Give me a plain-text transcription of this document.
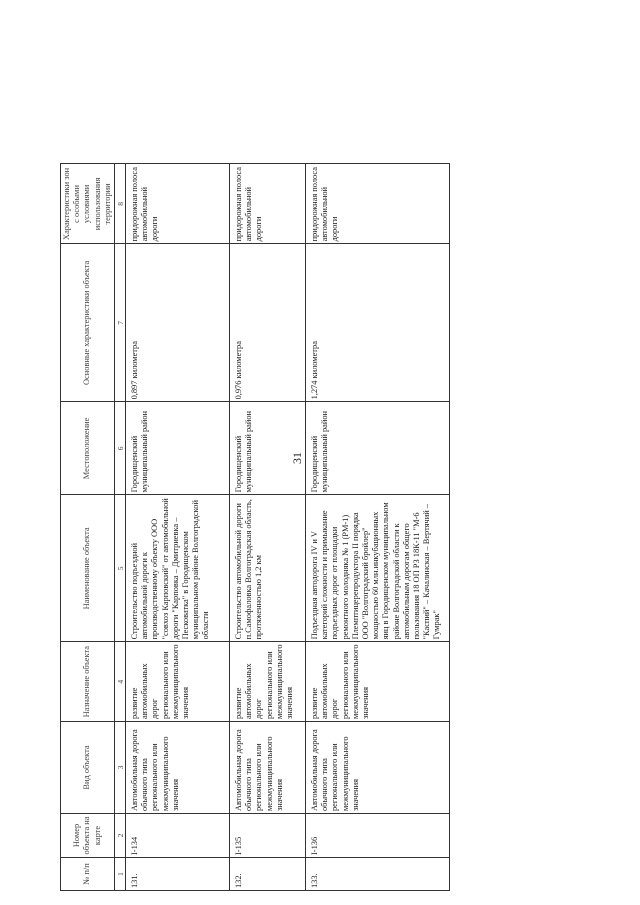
31
№ п/п	Номер объекта на карте	Вид объекта	Назначение объекта	Наименование объекта	Местоположение	Основные характеристики объекта	Характеристики зон с особыми условиями использования территории
1	2	3	4	5	6	7	8
131.	I-134	Автомобильная дорога обычного типа регионального или межмуниципального значения	развитие автомобильных дорог регионального или межмуниципального значения	Строительство подъездной автомобильной дороги к производственному объекту ООО "совхоз Карповский" от автомобильной дороги "Карповка – Дмитриевка – Песковатка" в Городищенском муниципальном районе Волгоградской области	Городищенский муниципальный район	0,897 километра	придорожная полоса автомобильной дороги
132.	I-135	Автомобильная дорога обычного типа регионального или межмуниципального значения	развитие автомобильных дорог регионального или межмуниципального значения	Строительство автомобильной дороги п.Самофаловка Волгоградская область, протяженностью 1,2 км	Городищенский муниципальный район	0,976 километра	придорожная полоса автомобильной дороги
133.	I-136	Автомобильная дорога обычного типа регионального или межмуниципального значения	развитие автомобильных дорог регионального или межмуниципального значения	Подъездная автодорога IV и V категорий сложности и примыкание подъездных дорог от площадки ремонтного молодняка № 1 (РМ-1) Племптицерепродуктора II порядка ООО "Волгоградский бройлер" мощностью 60 млн.инкубационных яиц в Городищенском муниципальном районе Волгоградской области к автомобильным дорогам общего пользования 18 ОП РЗ 18К-11 "М-6 "Каспий" – Качалинская – Вертячий – Гумрак"	Городищенский муниципальный район	1,274 километра	придорожная полоса автомобильной дороги
